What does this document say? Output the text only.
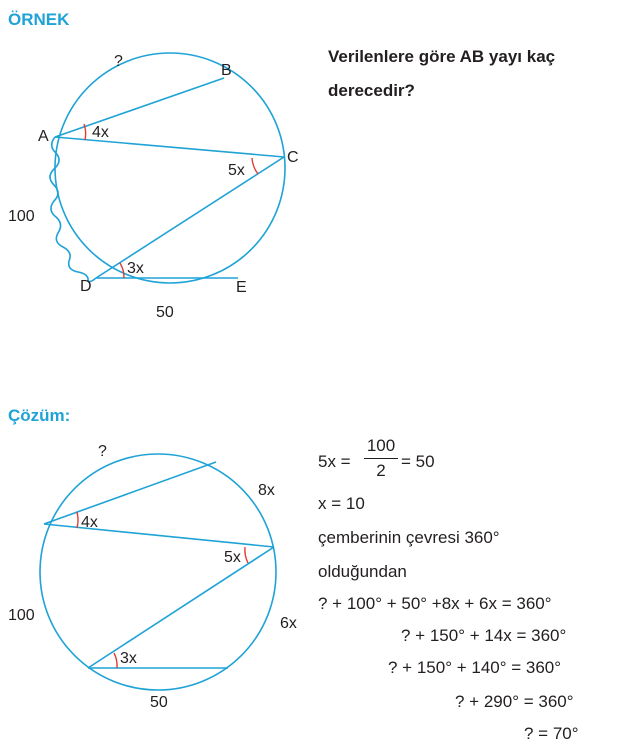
ÖRNEK
?
B
A	4x
C
5x
100
3x
D	E
50
Verilenlere göre AB yayı kaç derecedir?
Çözüm:
?
8x
4x
5x
100	6x
3x
50
$5x = \frac{100}{2} = 50$
x = 10
çemberinin çevresi 360°
olduğundan
? + 100° + 50° +8x + 6x = 360°
? + 150° + 14x = 360°
? + 150° + 140° = 360°
? + 290° = 360°
? = 70°
